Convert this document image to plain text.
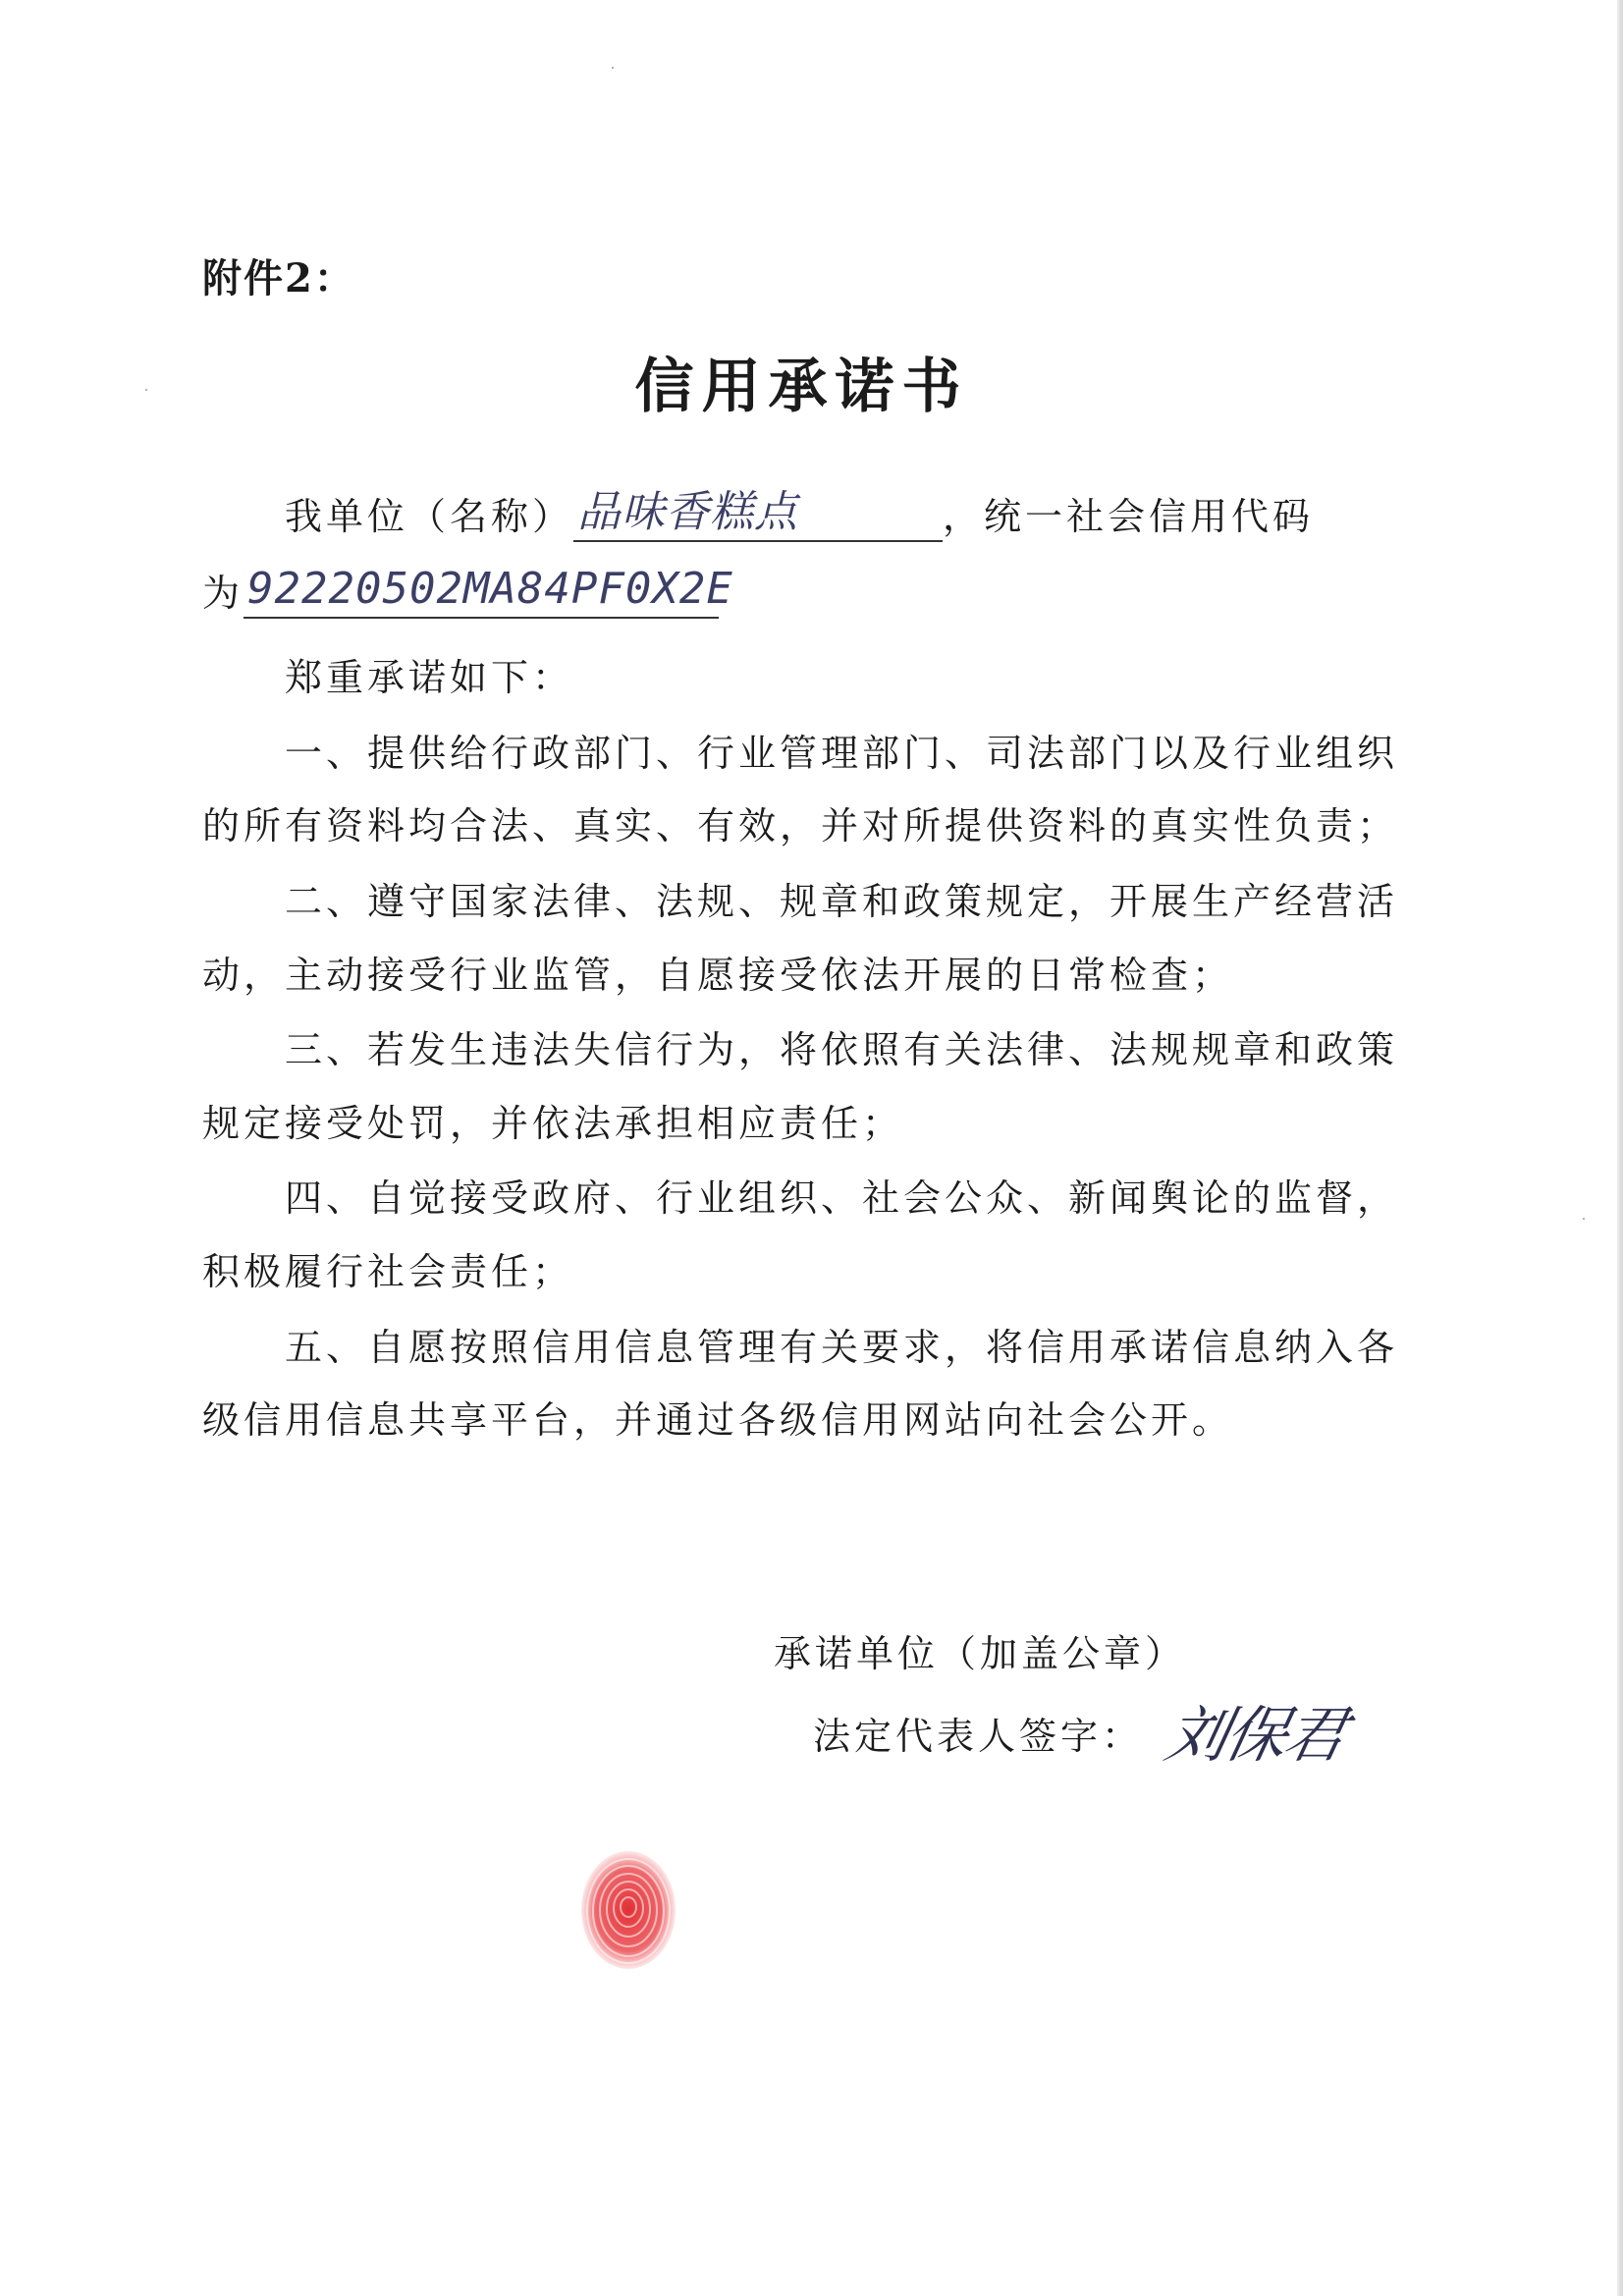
附件2：
信用承诺书
我单位（名称） 品味香糕点	，统一社会信用代码
为 92220502MA84PF0X2E
郑重承诺如下：
一、提供给行政部门、行业管理部门、司法部门以及行业组织
的所有资料均合法、真实、有效，并对所提供资料的真实性负责；
二、遵守国家法律、法规、规章和政策规定，开展生产经营活
动，主动接受行业监管，自愿接受依法开展的日常检查；
三、若发生违法失信行为，将依照有关法律、法规规章和政策
规定接受处罚，并依法承担相应责任；
四、自觉接受政府、行业组织、社会公众、新闻舆论的监督，
积极履行社会责任；
五、自愿按照信用信息管理有关要求，将信用承诺信息纳入各
级信用信息共享平台，并通过各级信用网站向社会公开。
承诺单位（加盖公章）
法定代表人签字： 刘保君
